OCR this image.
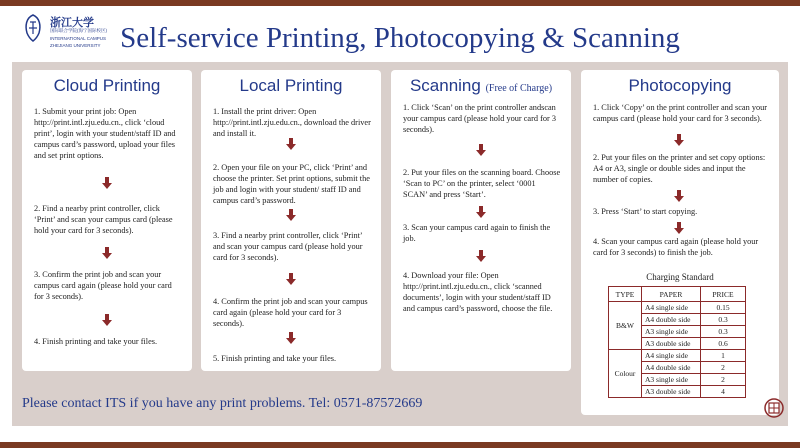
浙江大学
国际联合学院(海宁国际校区)
INTERNATIONAL CAMPUS
ZHEJIANG UNIVERSITY Self-service Printing, Photocopying & Scanning
Cloud Printing
1. Submit your print job: Open http://print.intl.zju.edu.cn., click ‘cloud print’, login with your student/staff ID and campus card’s password, upload your files and set print options.
2. Find a nearby print controller, click ‘Print’ and scan your campus card (please hold your card for 3 seconds).
3. Confirm the print job and scan your campus card again (please hold your card for 3 seconds).
4. Finish printing and take your files.
Local Printing
1. Install the print driver: Open http://print.intl.zju.edu.cn., download the driver and install it.
2. Open your file on your PC, click ‘Print’ and choose the printer. Set print options, submit the job and login with your student/ staff ID and campus card’s password.
3. Find a nearby print controller, click ‘Print’ and scan your campus card (please hold your card for 3 seconds).
4. Confirm the print job and scan your campus card again (please hold your card for 3 seconds).
5. Finish printing and take your files.
Scanning (Free of Charge)
1. Click ‘Scan’ on the print controller andscan your campus card (please hold your card for 3 seconds).
2. Put your files on the scanning board. Choose ‘Scan to PC’ on the printer, select ‘0001 SCAN’ and press ‘Start’.
3. Scan your campus card again to finish the job.
4. Download your file: Open http://print.intl.zju.edu.cn., click ‘scanned documents’, login with your student/staff ID and campus card’s password, choose the file.
Photocopying
1. Click ‘Copy’ on the print controller and scan your campus card (please hold your card for 3 seconds).
2. Put your files on the printer and set copy options: A4 or A3, single or double sides and input the number of copies.
3. Press ‘Start’ to start copying.
4. Scan your campus card again (please hold your card for 3 seconds) to finish the job.
Charging Standard
TYPE	PAPER	PRICE
B&W	A4 single side	0.15
	A4 double side	0.3
	A3 single side	0.3
	A3 double side	0.6
Colour	A4 single side	1
	A4 double side	2
	A3 single side	2
	A3 double side	4
Please contact ITS if you have any print problems. Tel: 0571-87572669
